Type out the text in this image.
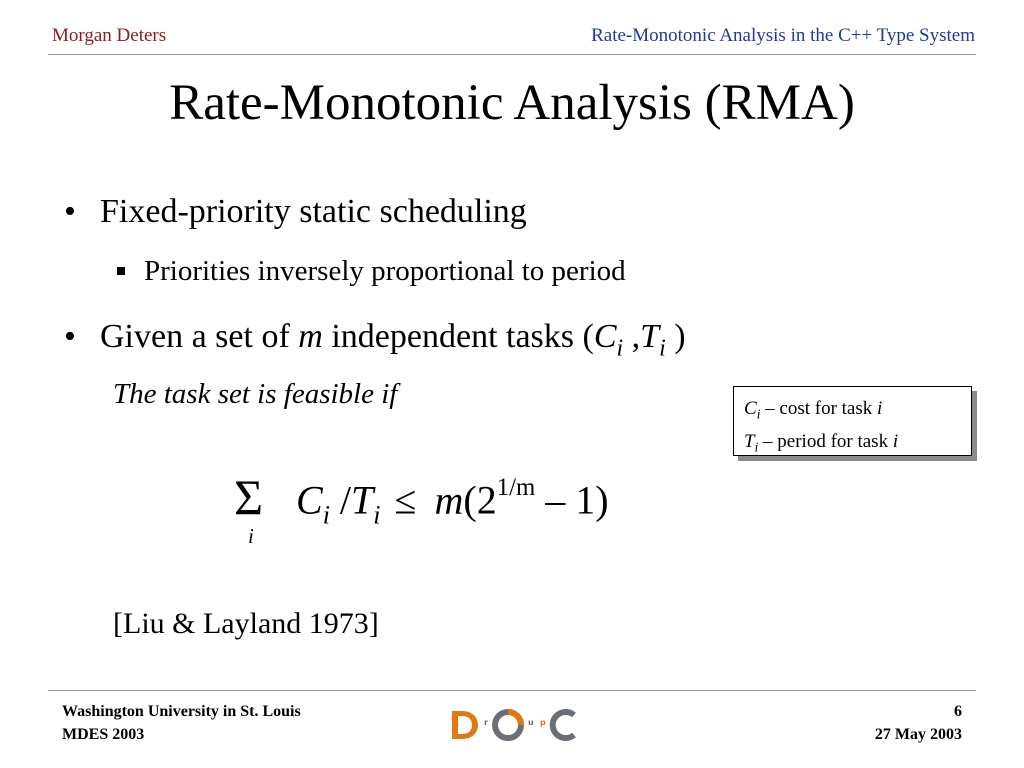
Morgan Deters	Rate-Monotonic Analysis in the C++ Type System
Rate-Monotonic Analysis (RMA)
• Fixed-priority static scheduling
Priorities inversely proportional to period
• Given a set of m independent tasks ($C_i$ $,T_i$ )
The task set is feasible if	$C_i$ – cost for task i
$T_i$ – period for task i
Σ
i
$C_i$ $/T_i \le m(2^{1/m} - 1)$
[Liu & Layland 1973]
Washington University in St. Louis
MDES 2003
6
27 May 2003
r	u p
